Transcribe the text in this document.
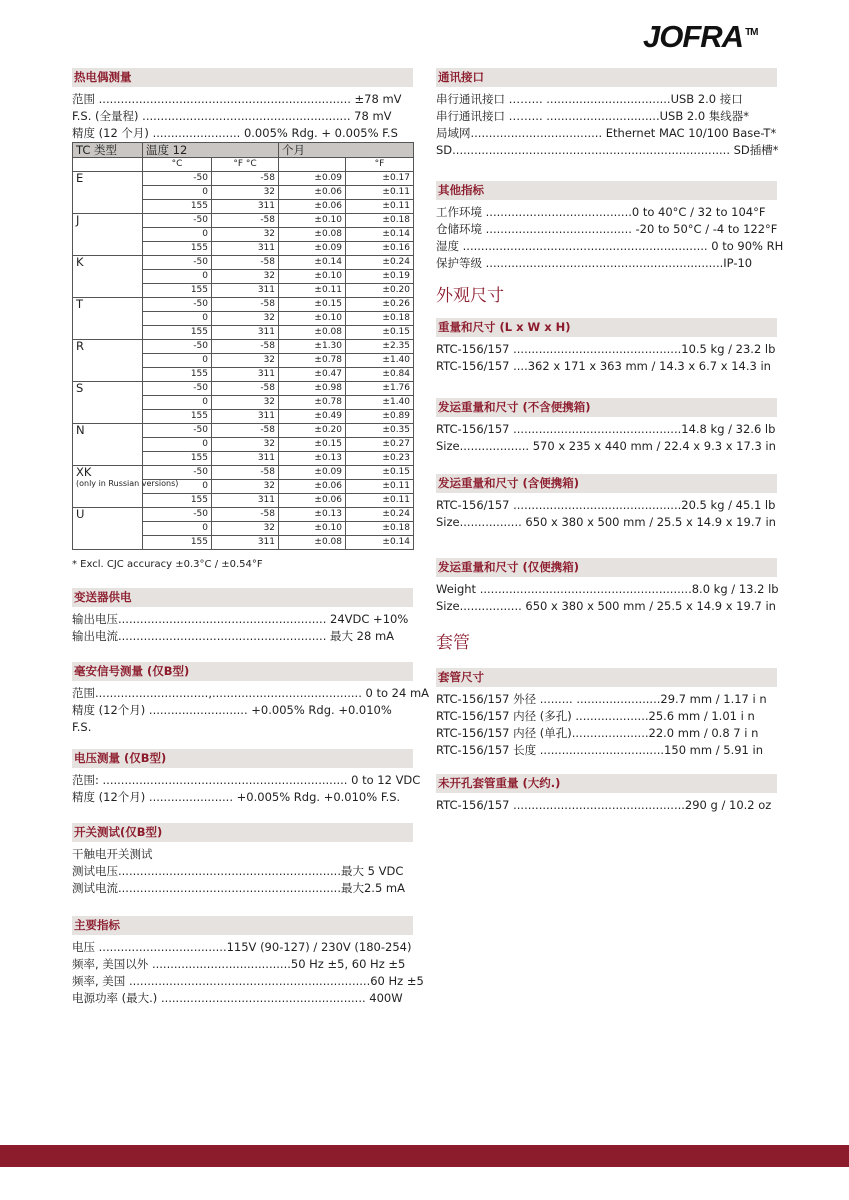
JOFRA ™
热电偶测量
范围 ..................................................................... ±78 mV
F.S. (全量程) ......................................................... 78 mV
精度 (12 个月) ........................ 0.005% Rdg. + 0.005% F.S
TC 类型	温度 12		个月	
	°C	°F °C		°F
E	-50	-58	±0.09	±0.17
	0	32	±0.06	±0.11
	155	311	±0.06	±0.11
J	-50	-58	±0.10	±0.18
	0	32	±0.08	±0.14
	155	311	±0.09	±0.16
K	-50	-58	±0.14	±0.24
	0	32	±0.10	±0.19
	155	311	±0.11	±0.20
T	-50	-58	±0.15	±0.26
	0	32	±0.10	±0.18
	155	311	±0.08	±0.15
R	-50	-58	±1.30	±2.35
	0	32	±0.78	±1.40
	155	311	±0.47	±0.84
S	-50	-58	±0.98	±1.76
	0	32	±0.78	±1.40
	155	311	±0.49	±0.89
N	-50	-58	±0.20	±0.35
	0	32	±0.15	±0.27
	155	311	±0.13	±0.23
XK
(only in Russian versions)	-50	-58	±0.09	±0.15
	0	32	±0.06	±0.11
	155	311	±0.06	±0.11
U	-50	-58	±0.13	±0.24
	0	32	±0.10	±0.18
	155	311	±0.08	±0.14
* Excl. CJC accuracy ±0.3°C / ±0.54°F
变送器供电
输出电压......................................................... 24VDC +10%
输出电流......................................................... 最大 28 mA
毫安信号测量 (仅B型)
范围...............................,......................................... 0 to 24 mA
精度 (12个月) ........................... +0.005% Rdg. +0.010% F.S.
电压测量 (仅B型)
范围: ................................................................... 0 to 12 VDC
精度 (12个月) ....................... +0.005% Rdg. +0.010% F.S.
开关测试(仅B型)
干触电开关测试
测试电压.............................................................最大 5 VDC
测试电流.............................................................最大2.5 mA
主要指标
电压 ...................................115V (90-127) / 230V (180-254)
频率, 美国以外 ......................................50 Hz ±5, 60 Hz ±5
频率, 美国 ..................................................................60 Hz ±5
电源功率 (最大.) ........................................................ 400W
通讯接口
串行通讯接口 ……... ..................................USB 2.0 接口
串行通讯接口 ……... ...............................USB 2.0 集线器*
局域网.................................... Ethernet MAC 10/100 Base-T*
SD............................................................................ SD插槽*
其他指标
工作环境 ........................................0 to 40°C / 32 to 104°F
仓储环境 ........................................ -20 to 50°C / -4 to 122°F
湿度 ................................................................... 0 to 90% RH
保护等级 .................................................................IP-10
外观尺寸
重量和尺寸 (L x W x H)
RTC-156/157 ..............................................10.5 kg / 23.2 lb
RTC-156/157 ....362 x 171 x 363 mm / 14.3 x 6.7 x 14.3 in
发运重量和尺寸 (不含便携箱)
RTC-156/157 ..............................................14.8 kg / 32.6 lb
Size................... 570 x 235 x 440 mm / 22.4 x 9.3 x 17.3 in
发运重量和尺寸 (含便携箱)
RTC-156/157 ..............................................20.5 kg / 45.1 lb
Size................. 650 x 380 x 500 mm / 25.5 x 14.9 x 19.7 in
发运重量和尺寸 (仅便携箱)
Weight ..........................................................8.0 kg / 13.2 lb
Size................. 650 x 380 x 500 mm / 25.5 x 14.9 x 19.7 in
套管
套管尺寸
RTC-156/157 外径 ......... .......................29.7 mm / 1.17 i n
RTC-156/157 内径 (多孔) ....................25.6 mm / 1.01 i n
RTC-156/157 内径 (单孔).....................22.0 mm / 0.8 7 i n
RTC-156/157 长度 ..................................150 mm / 5.91 in
未开孔套管重量 (大约.)
RTC-156/157 ...............................................290 g / 10.2 oz
